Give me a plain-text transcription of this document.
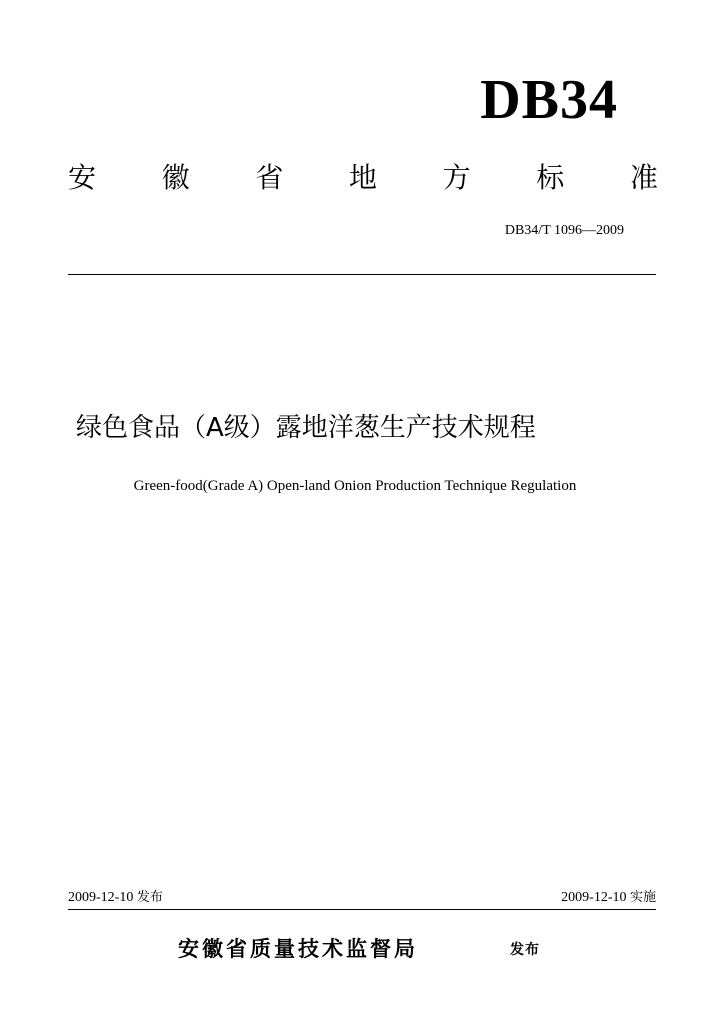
DB34
安 徽 省 地 方 标 准
DB34/T 1096—2009
绿色食品（A级）露地洋葱生产技术规程
Green-food(Grade A) Open-land Onion Production Technique Regulation
2009-12-10 发布	2009-12-10 实施
安徽省质量技术监督局	发布
